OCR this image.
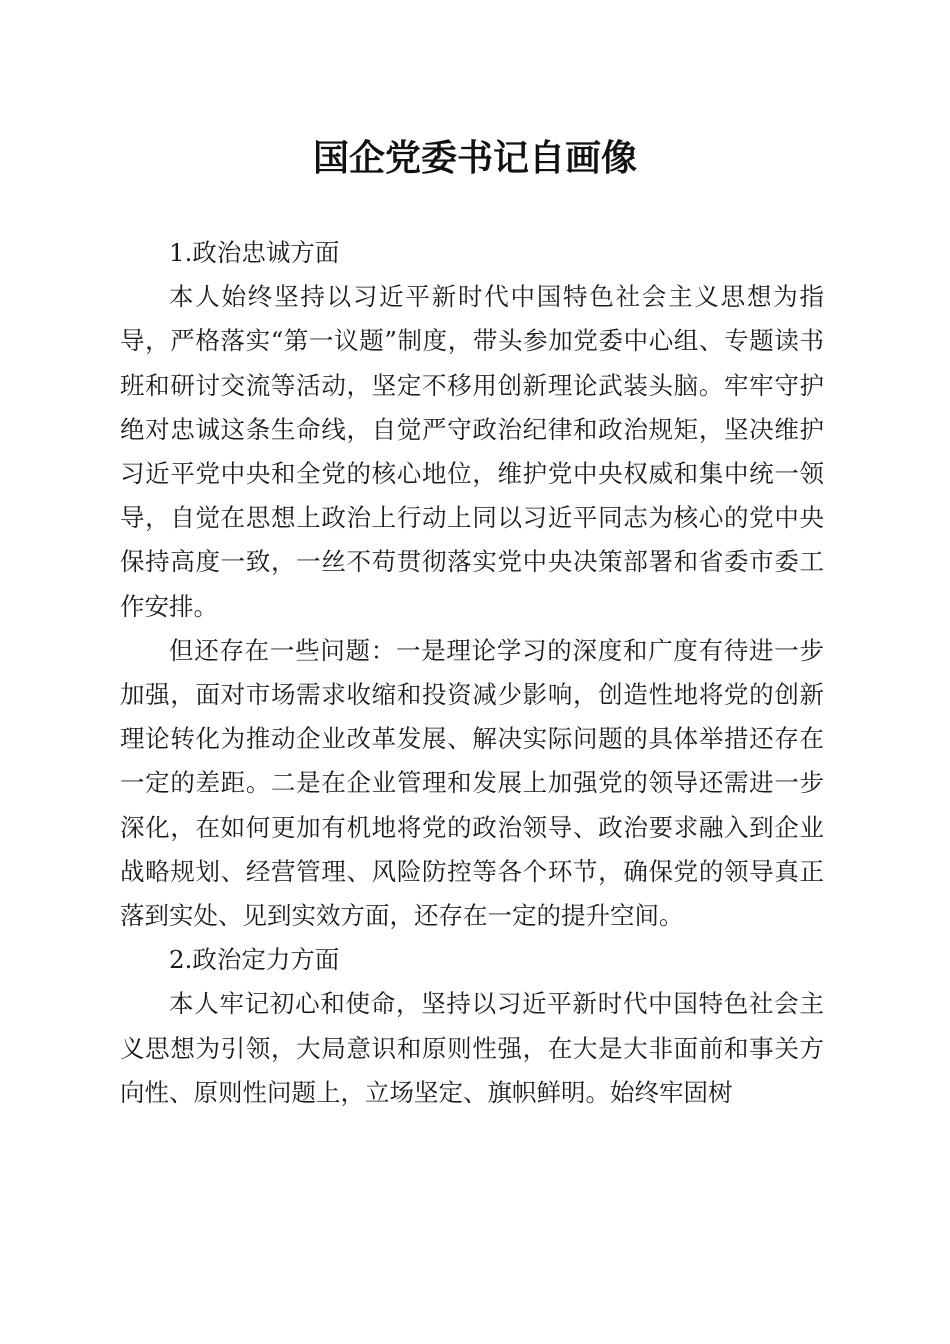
国企党委书记自画像

1.政治忠诚方面

本人始终坚持以习近平新时代中国特色社会主义思想为指导，严格落实“第一议题”制度，带头参加党委中心组、专题读书班和研讨交流等活动，坚定不移用创新理论武装头脑。牢牢守护绝对忠诚这条生命线，自觉严守政治纪律和政治规矩，坚决维护习近平党中央和全党的核心地位，维护党中央权威和集中统一领导，自觉在思想上政治上行动上同以习近平同志为核心的党中央保持高度一致，一丝不苟贯彻落实党中央决策部署和省委市委工作安排。

但还存在一些问题：一是理论学习的深度和广度有待进一步加强，面对市场需求收缩和投资减少影响，创造性地将党的创新理论转化为推动企业改革发展、解决实际问题的具体举措还存在一定的差距。二是在企业管理和发展上加强党的领导还需进一步深化，在如何更加有机地将党的政治领导、政治要求融入到企业战略规划、经营管理、风险防控等各个环节，确保党的领导真正落到实处、见到实效方面，还存在一定的提升空间。

2.政治定力方面

本人牢记初心和使命，坚持以习近平新时代中国特色社会主义思想为引领，大局意识和原则性强，在大是大非面前和事关方向性、原则性问题上，立场坚定、旗帜鲜明。始终牢固树
